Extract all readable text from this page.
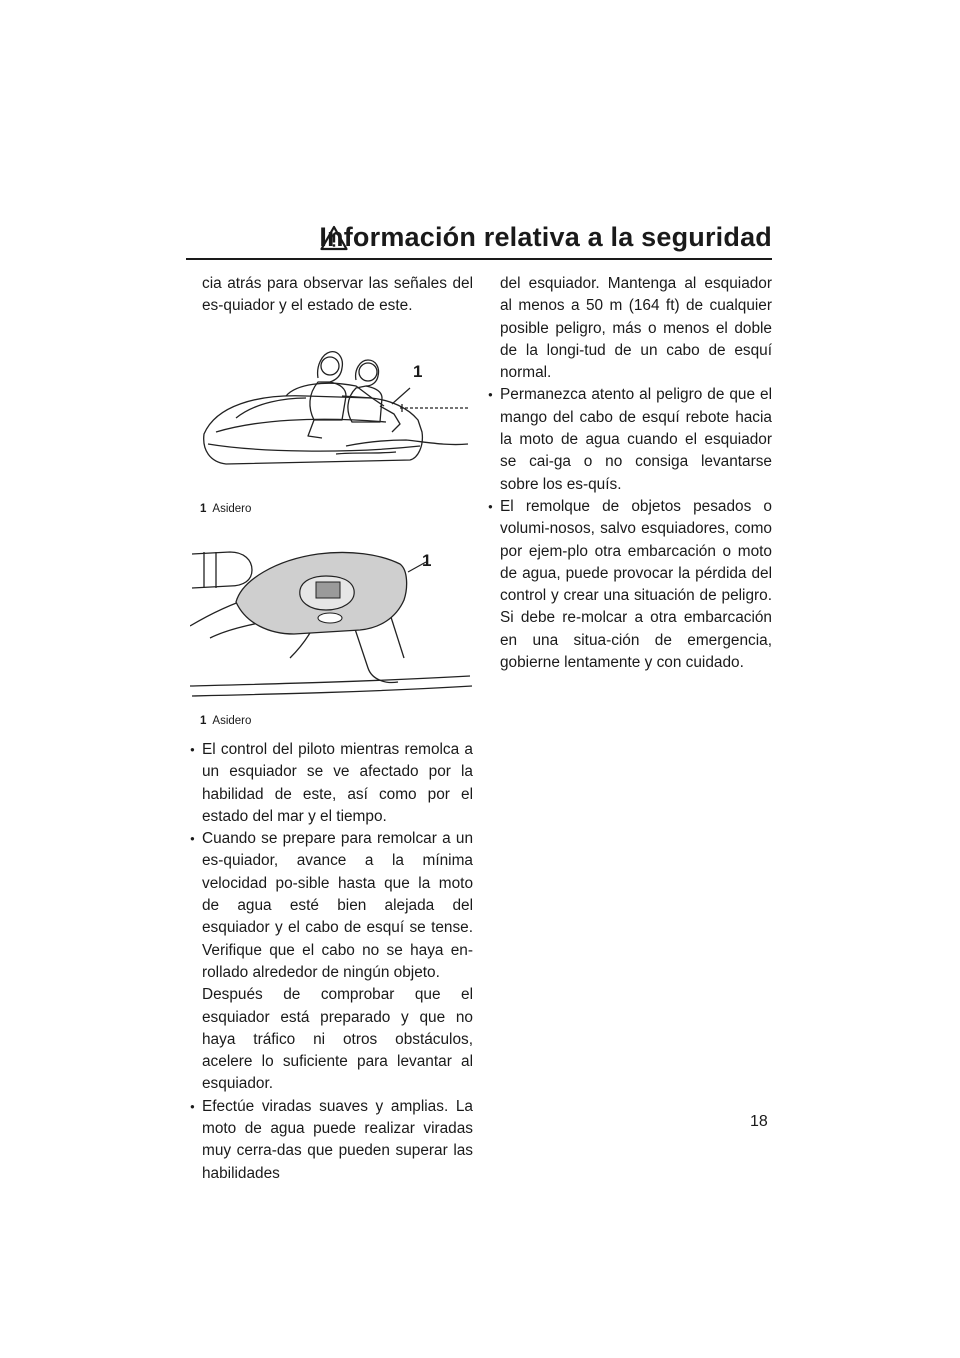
Información relativa a la seguridad
cia atrás para observar las señales del es-quiador y el estado de este.
1
1 Asidero
1
1 Asidero
● El control del piloto mientras remolca a un esquiador se ve afectado por la habilidad de este, así como por el estado del mar y el tiempo.
● Cuando se prepare para remolcar a un es-quiador, avance a la mínima velocidad po-sible hasta que la moto de agua esté bien alejada del esquiador y el cabo de esquí se tense. Verifique que el cabo no se haya en-rollado alrededor de ningún objeto.
Después de comprobar que el esquiador está preparado y que no haya tráfico ni otros obstáculos, acelere lo suficiente para levantar al esquiador.
● Efectúe viradas suaves y amplias. La moto de agua puede realizar viradas muy cerra-das que pueden superar las habilidades
del esquiador. Mantenga al esquiador al menos a 50 m (164 ft) de cualquier posible peligro, más o menos el doble de la longi-tud de un cabo de esquí normal.
● Permanezca atento al peligro de que el mango del cabo de esquí rebote hacia la moto de agua cuando el esquiador se cai-ga o no consiga levantarse sobre los es-quís.
● El remolque de objetos pesados o volumi-nosos, salvo esquiadores, como por ejem-plo otra embarcación o moto de agua, puede provocar la pérdida del control y crear una situación de peligro. Si debe re-molcar a otra embarcación en una situa-ción de emergencia, gobierne lentamente y con cuidado.
18
